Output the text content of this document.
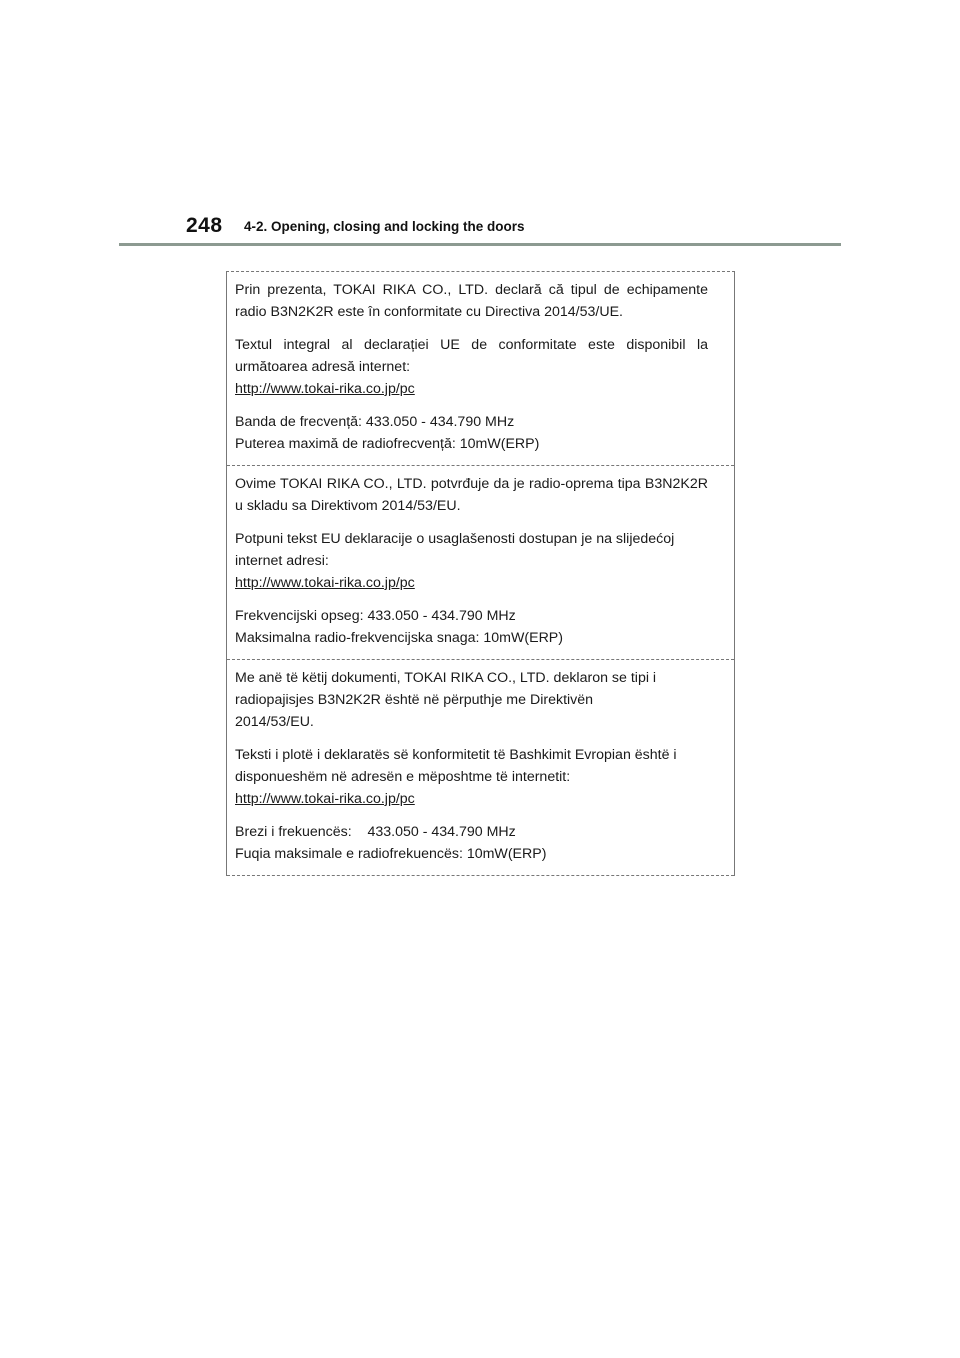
248 4-2. Opening, closing and locking the doors

Prin prezenta, TOKAI RIKA CO., LTD. declară că tipul de echipamente radio B3N2K2R este în conformitate cu Directiva 2014/53/UE.

Textul integral al declarației UE de conformitate este disponibil la următoarea adresă internet:
http://www.tokai-rika.co.jp/pc

Banda de frecvență: 433.050 - 434.790 MHz
Puterea maximă de radiofrecvență: 10mW(ERP)

Ovime TOKAI RIKA CO., LTD. potvrđuje da je radio-oprema tipa B3N2K2R u skladu sa Direktivom 2014/53/EU.

Potpuni tekst EU deklaracije o usaglašenosti dostupan je na slijedećoj internet adresi:
http://www.tokai-rika.co.jp/pc

Frekvencijski opseg: 433.050 - 434.790 MHz
Maksimalna radio-frekvencijska snaga: 10mW(ERP)

Me anë të këtij dokumenti, TOKAI RIKA CO., LTD. deklaron se tipi i
radiopajisjes B3N2K2R është në përputhje me Direktivën
2014/53/EU.

Teksti i plotë i deklaratës së konformitetit të Bashkimit Evropian është i disponueshëm në adresën e mëposhtme të internetit:
http://www.tokai-rika.co.jp/pc

Brezi i frekuencës:    433.050 - 434.790 MHz
Fuqia maksimale e radiofrekuencës: 10mW(ERP)
